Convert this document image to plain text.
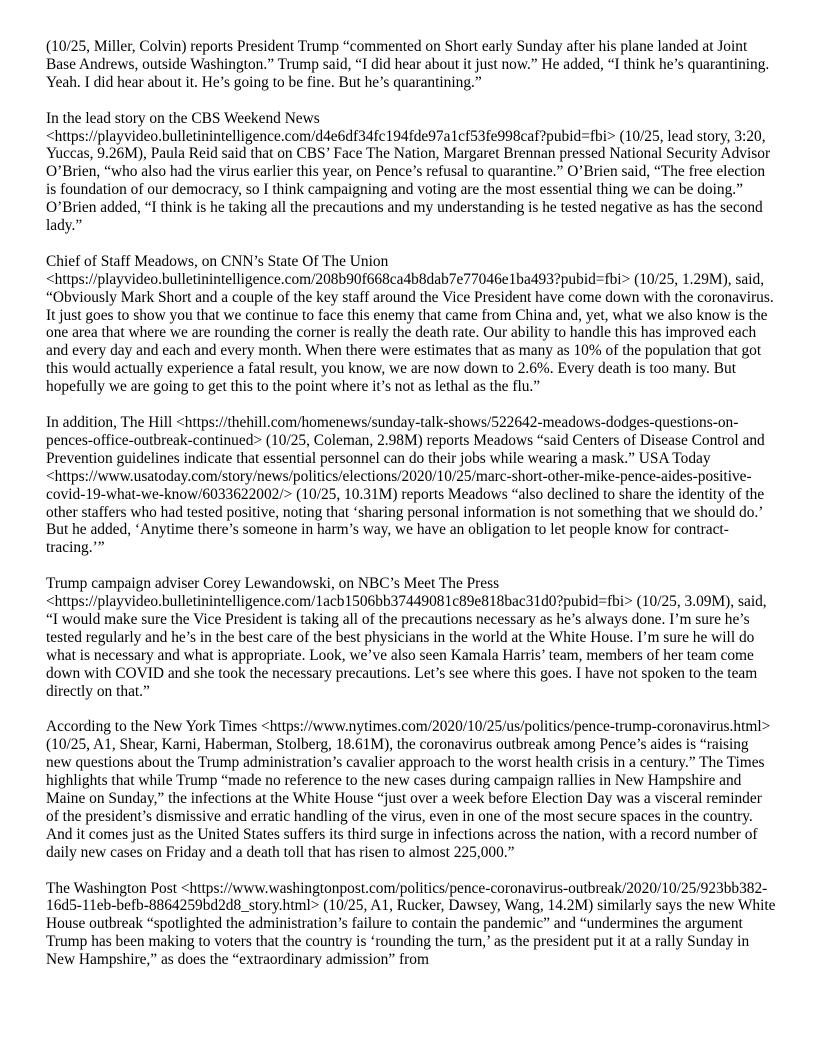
(10/25, Miller, Colvin) reports President Trump “commented on Short early Sunday after his plane landed at Joint Base Andrews, outside Washington.” Trump said, “I did hear about it just now.” He added, “I think he’s quarantining. Yeah. I did hear about it. He’s going to be fine. But he’s quarantining.”

In the lead story on the CBS Weekend News <https://playvideo.bulletinintelligence.com/d4e6df34fc194fde97a1cf53fe998caf?pubid=fbi> (10/25, lead story, 3:20, Yuccas, 9.26M), Paula Reid said that on CBS’ Face The Nation, Margaret Brennan pressed National Security Advisor O’Brien, “who also had the virus earlier this year, on Pence’s refusal to quarantine.” O’Brien said, “The free election is foundation of our democracy, so I think campaigning and voting are the most essential thing we can be doing.” O’Brien added, “I think is he taking all the precautions and my understanding is he tested negative as has the second lady.”

Chief of Staff Meadows, on CNN’s State Of The Union <https://playvideo.bulletinintelligence.com/208b90f668ca4b8dab7e77046e1ba493?pubid=fbi> (10/25, 1.29M), said, “Obviously Mark Short and a couple of the key staff around the Vice President have come down with the coronavirus. It just goes to show you that we continue to face this enemy that came from China and, yet, what we also know is the one area that where we are rounding the corner is really the death rate. Our ability to handle this has improved each and every day and each and every month. When there were estimates that as many as 10% of the population that got this would actually experience a fatal result, you know, we are now down to 2.6%. Every death is too many. But hopefully we are going to get this to the point where it’s not as lethal as the flu.”

In addition, The Hill <https://thehill.com/homenews/sunday-talk-shows/522642-meadows-dodges-questions-on-pences-office-outbreak-continued> (10/25, Coleman, 2.98M) reports Meadows “said Centers of Disease Control and Prevention guidelines indicate that essential personnel can do their jobs while wearing a mask.” USA Today <https://www.usatoday.com/story/news/politics/elections/2020/10/25/marc-short-other-mike-pence-aides-positive-covid-19-what-we-know/6033622002/> (10/25, 10.31M) reports Meadows “also declined to share the identity of the other staffers who had tested positive, noting that ‘sharing personal information is not something that we should do.’ But he added, ‘Anytime there’s someone in harm’s way, we have an obligation to let people know for contract-tracing.’”

Trump campaign adviser Corey Lewandowski, on NBC’s Meet The Press <https://playvideo.bulletinintelligence.com/1acb1506bb37449081c89e818bac31d0?pubid=fbi> (10/25, 3.09M), said, “I would make sure the Vice President is taking all of the precautions necessary as he’s always done. I’m sure he’s tested regularly and he’s in the best care of the best physicians in the world at the White House. I’m sure he will do what is necessary and what is appropriate. Look, we’ve also seen Kamala Harris’ team, members of her team come down with COVID and she took the necessary precautions. Let’s see where this goes. I have not spoken to the team directly on that.”

According to the New York Times <https://www.nytimes.com/2020/10/25/us/politics/pence-trump-coronavirus.html> (10/25, A1, Shear, Karni, Haberman, Stolberg, 18.61M), the coronavirus outbreak among Pence’s aides is “raising new questions about the Trump administration’s cavalier approach to the worst health crisis in a century.” The Times highlights that while Trump “made no reference to the new cases during campaign rallies in New Hampshire and Maine on Sunday,” the infections at the White House “just over a week before Election Day was a visceral reminder of the president’s dismissive and erratic handling of the virus, even in one of the most secure spaces in the country. And it comes just as the United States suffers its third surge in infections across the nation, with a record number of daily new cases on Friday and a death toll that has risen to almost 225,000.”

The Washington Post <https://www.washingtonpost.com/politics/pence-coronavirus-outbreak/2020/10/25/923bb382-16d5-11eb-befb-8864259bd2d8_story.html> (10/25, A1, Rucker, Dawsey, Wang, 14.2M) similarly says the new White House outbreak “spotlighted the administration’s failure to contain the pandemic” and “undermines the argument Trump has been making to voters that the country is ‘rounding the turn,’ as the president put it at a rally Sunday in New Hampshire,” as does the “extraordinary admission” from
